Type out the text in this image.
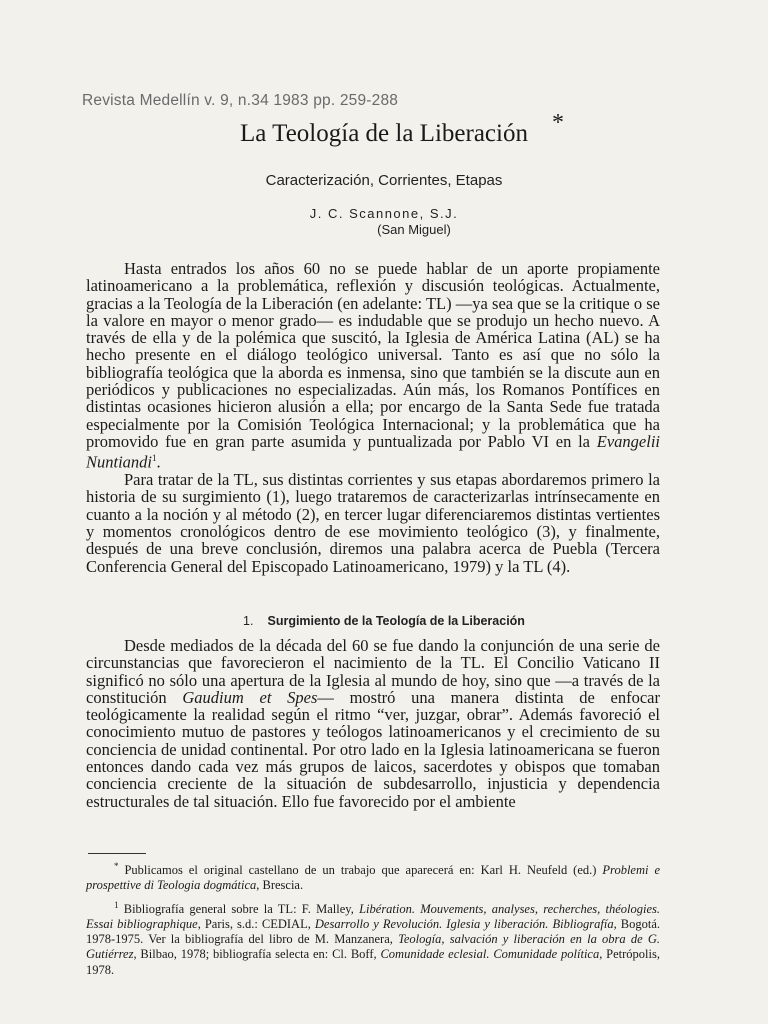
Revista Medellín v. 9, n.34 1983 pp. 259-288
La Teología de la Liberación	*
Caracterización, Corrientes, Etapas
J. C. Scannone, S.J.
(San Miguel)

Hasta entrados los años 60 no se puede hablar de un aporte propiamente latinoamericano a la problemática, reflexión y discusión teológicas. Actualmente, gracias a la Teología de la Liberación (en adelante: TL) —ya sea que se la critique o se la valore en mayor o menor grado— es indudable que se produjo un hecho nuevo. A través de ella y de la polémica que suscitó, la Iglesia de América Latina (AL) se ha hecho presente en el diálogo teológico universal. Tanto es así que no sólo la bibliografía teológica que la aborda es inmensa, sino que también se la discute aun en periódicos y publicaciones no especializadas. Aún más, los Romanos Pontífices en distintas ocasiones hicieron alusión a ella; por encargo de la Santa Sede fue tratada especialmente por la Comisión Teológica Internacional; y la problemática que ha promovido fue en gran parte asumida y puntualizada por Pablo VI en la Evangelii Nuntiandi$^1$.

Para tratar de la TL, sus distintas corrientes y sus etapas abordaremos primero la historia de su surgimiento (1), luego trataremos de caracterizarlas intrínsecamente en cuanto a la noción y al método (2), en tercer lugar diferenciaremos distintas vertientes y momentos cronológicos dentro de ese movimiento teológico (3), y finalmente, después de una breve conclusión, diremos una palabra acerca de Puebla (Tercera Conferencia General del Episcopado Latinoamericano, 1979) y la TL (4).

1. Surgimiento de la Teología de la Liberación

Desde mediados de la década del 60 se fue dando la conjunción de una serie de circunstancias que favorecieron el nacimiento de la TL. El Concilio Vaticano II significó no sólo una apertura de la Iglesia al mundo de hoy, sino que —a través de la constitución Gaudium et Spes— mostró una manera distinta de enfocar teológicamente la realidad según el ritmo “ver, juzgar, obrar”. Además favoreció el conocimiento mutuo de pastores y teólogos latinoamericanos y el crecimiento de su conciencia de unidad continental. Por otro lado en la Iglesia latinoamericana se fueron entonces dando cada vez más grupos de laicos, sacerdotes y obispos que tomaban conciencia creciente de la situación de subdesarrollo, injusticia y dependencia estructurales de tal situación. Ello fue favorecido por el ambiente

* Publicamos el original castellano de un trabajo que aparecerá en: Karl H. Neufeld (ed.) Problemi e prospettive di Teologia dogmática, Brescia.

$^1$ Bibliografía general sobre la TL: F. Malley, Libération. Mouvements, analyses, recherches, théologies. Essai bibliographique, Paris, s.d.: CEDIAL, Desarrollo y Revolución. Iglesia y liberación. Bibliografía, Bogotá. 1978-1975. Ver la bibliografía del libro de M. Manzanera, Teología, salvación y liberación en la obra de G. Gutiérrez, Bilbao, 1978; bibliografía selecta en: Cl. Boff, Comunidade eclesial. Comunidade política, Petrópolis, 1978.
